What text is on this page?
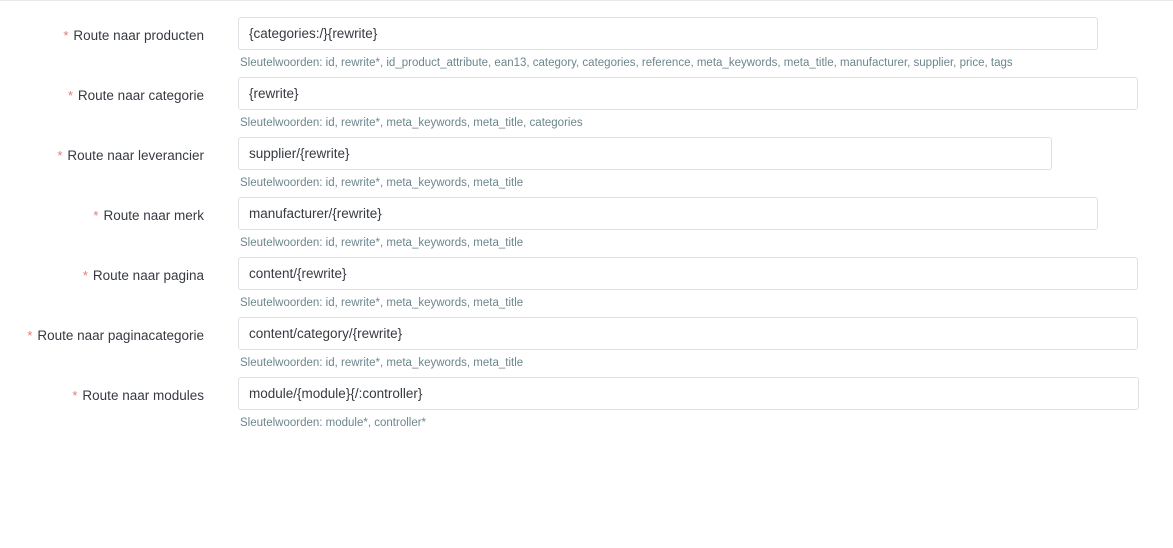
* Route naar producten
{categories:/}{rewrite}

Sleutelwoorden: id, rewrite*, id_product_attribute, ean13, category, categories, reference, meta_keywords, meta_title, manufacturer, supplier, price, tags

* Route naar categorie
{rewrite}

Sleutelwoorden: id, rewrite*, meta_keywords, meta_title, categories

* Route naar leverancier
supplier/{rewrite}

Sleutelwoorden: id, rewrite*, meta_keywords, meta_title

* Route naar merk
manufacturer/{rewrite}

Sleutelwoorden: id, rewrite*, meta_keywords, meta_title

* Route naar pagina
content/{rewrite}

Sleutelwoorden: id, rewrite*, meta_keywords, meta_title

* Route naar paginacategorie
content/category/{rewrite}

Sleutelwoorden: id, rewrite*, meta_keywords, meta_title

* Route naar modules
module/{module}{/:controller}

Sleutelwoorden: module*, controller*
